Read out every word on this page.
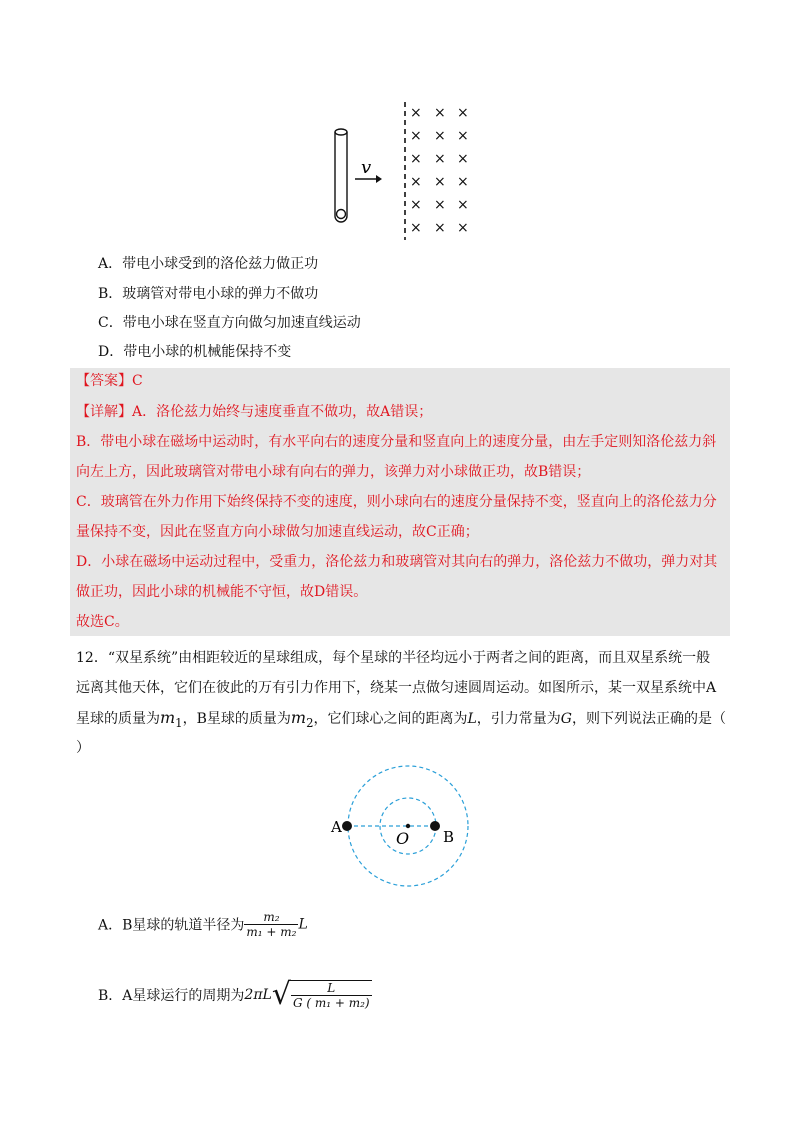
v
× × ×
× × ×
× × ×
× × ×
× × ×
× × ×
A．带电小球受到的洛伦兹力做正功
B．玻璃管对带电小球的弹力不做功
C．带电小球在竖直方向做匀加速直线运动
D．带电小球的机械能保持不变
【答案】C
【详解】A．洛伦兹力始终与速度垂直不做功，故A错误；
B．带电小球在磁场中运动时，有水平向右的速度分量和竖直向上的速度分量，由左手定则知洛伦兹力斜
向左上方，因此玻璃管对带电小球有向右的弹力，该弹力对小球做正功，故B错误；
C．玻璃管在外力作用下始终保持不变的速度，则小球向右的速度分量保持不变，竖直向上的洛伦兹力分
量保持不变，因此在竖直方向小球做匀加速直线运动，故C正确；
D．小球在磁场中运动过程中，受重力，洛伦兹力和玻璃管对其向右的弹力，洛伦兹力不做功，弹力对其
做正功，因此小球的机械能不守恒，故D错误。
故选C。
12．“双星系统”由相距较近的星球组成，每个星球的半径均远小于两者之间的距离，而且双星系统一般
远离其他天体，它们在彼此的万有引力作用下，绕某一点做匀速圆周运动。如图所示，某一双星系统中A
星球的质量为$m_1$，B星球的质量为$m_2$，它们球心之间的距离为L，引力常量为G，则下列说法正确的是（
）
A
B
O
A．B星球的轨道半径为 $\frac{\text{m₂}}{\text{m₁ + m₂}}$ L
B．A星球运行的周期为$2\pi L√ \frac{L}{\text{G ( m₁ + m₂)}}$
